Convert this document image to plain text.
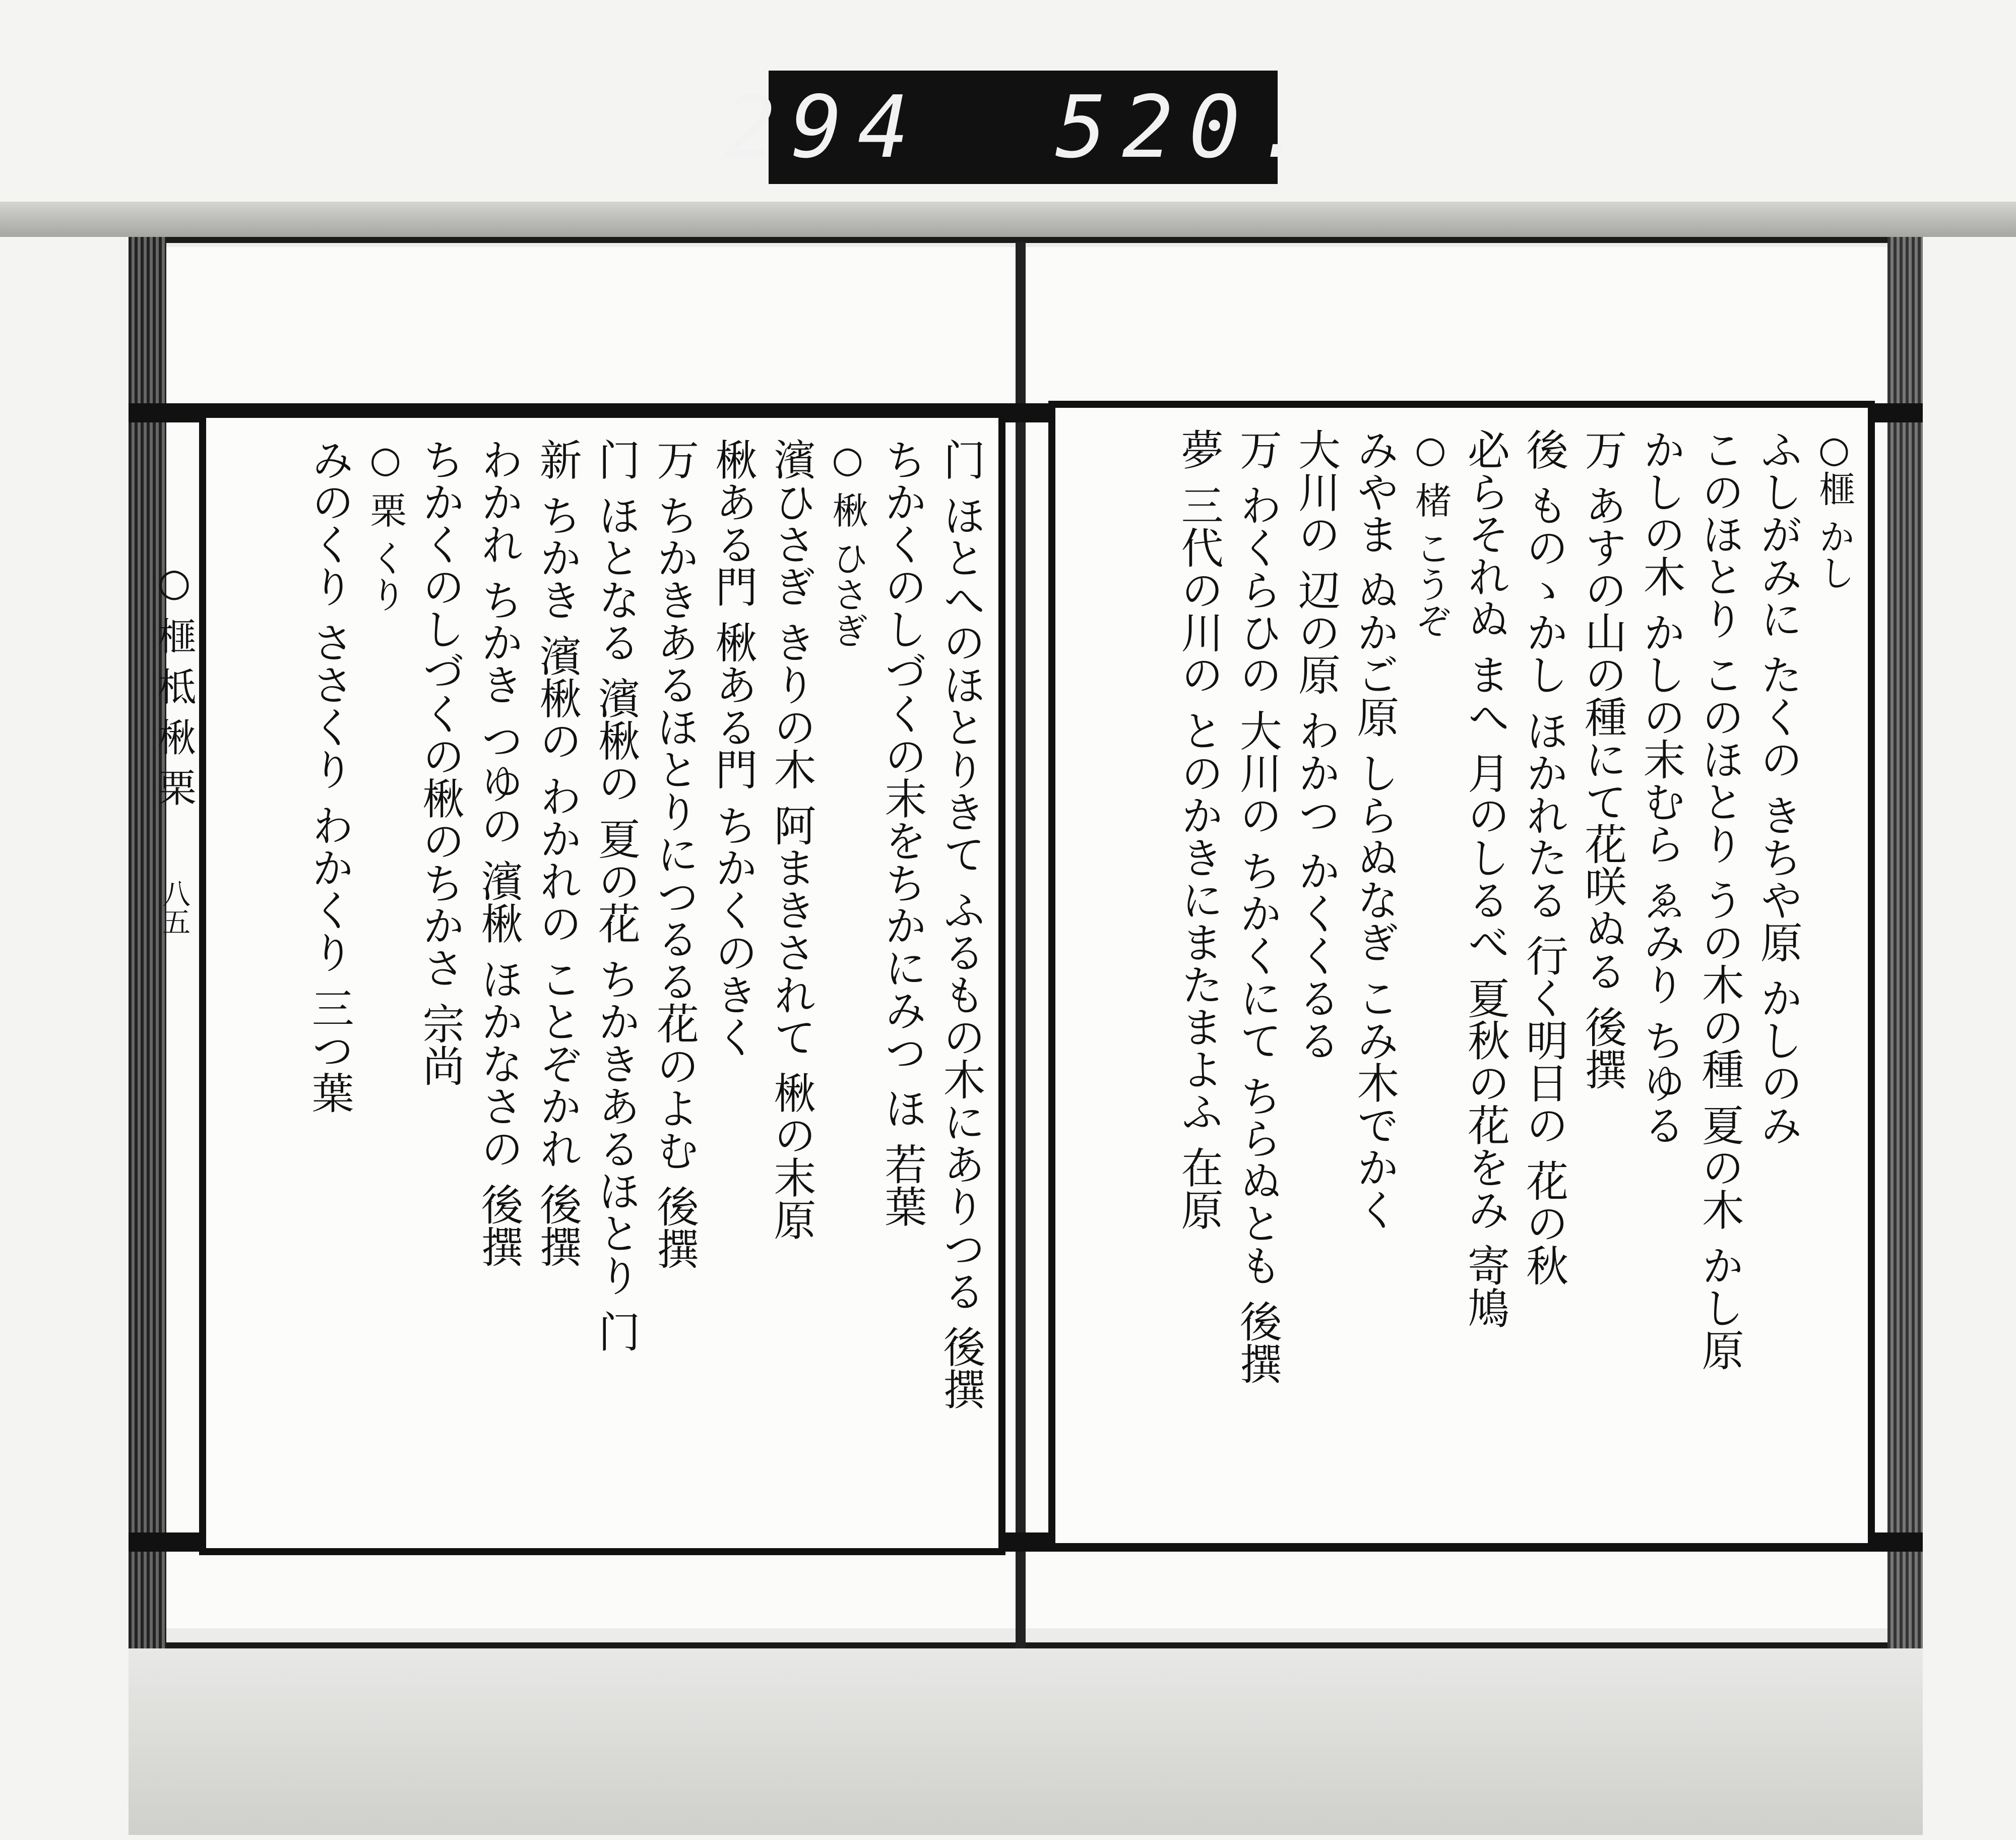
294 520.
○ 榧 柢 楸 栗 八五
○榧 かし
ふしがみに たくの きちや原 かしのみ
このほとり このほとり うの木の種 夏の木 かし原
かしの木 かしの末むら ゑみり ちゆる
万 あすの山の種にて花咲ぬる 後撰
後 ものゝかし ほかれたる 行く明日の 花の秋
必らそれぬ まへ 月のしるべ 夏秋の花をみ 寄鳩
○ 楮 こうぞ
みやま ぬかご原 しらぬなぎ こみ木でかく
大川の 辺の原 わかつ かくくるる
万 わくらひの 大川の ちかくにて ちらぬとも 後撰
夢 三代の川の とのかきにまたまよふ 在原
门 ほとへのほとりきて ふるもの木にありつる 後撰
ちかくのしづくの末をちかにみつ ほ 若葉
○ 楸 ひさぎ
濱ひさぎ きりの木 阿まきされて 楸の末原
楸ある門 楸ある門 ちかくのきく
万 ちかきあるほとりにつるる花のよむ 後撰
门 ほとなる 濱楸の 夏の花 ちかきあるほとり 门
新 ちかき 濱楸の わかれの ことぞかれ 後撰
わかれ ちかき つゆの 濱楸 ほかなさの 後撰
ちかくのしづくの楸のちかさ 宗尚
○ 栗 くり
みのくり ささくり わかくり 三つ葉
